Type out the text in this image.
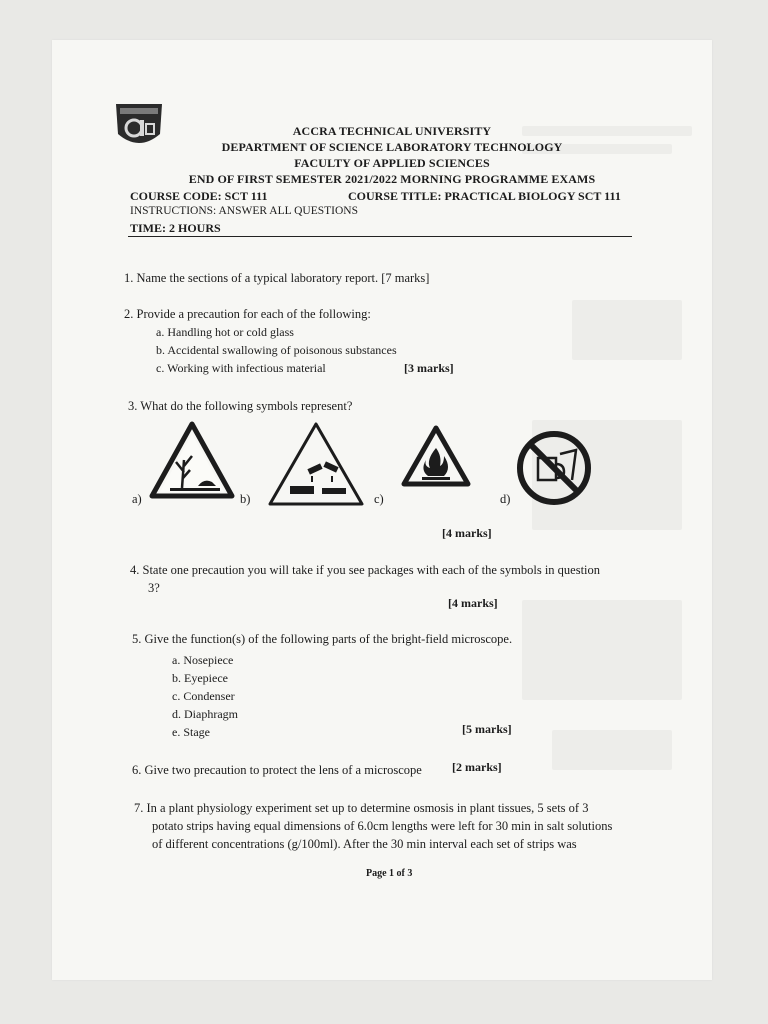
ACCRA TECHNICAL UNIVERSITY
DEPARTMENT OF SCIENCE LABORATORY TECHNOLOGY
FACULTY OF APPLIED SCIENCES
END OF FIRST SEMESTER 2021/2022 MORNING PROGRAMME EXAMS
COURSE CODE: SCT 111	COURSE TITLE: PRACTICAL BIOLOGY SCT 111
INSTRUCTIONS: ANSWER ALL QUESTIONS
TIME: 2 HOURS
1. Name the sections of a typical laboratory report. [7 marks]
2. Provide a precaution for each of the following:
a. Handling hot or cold glass
b. Accidental swallowing of poisonous substances
c. Working with infectious material	[3 marks]
3. What do the following symbols represent?
a)	b)	c)	d)
[4 marks]
4. State one precaution you will take if you see packages with each of the symbols in question
3?
[4 marks]
5. Give the function(s) of the following parts of the bright-field microscope.
a. Nosepiece
b. Eyepiece
c. Condenser
d. Diaphragm
e. Stage	[5 marks]
6. Give two precaution to protect the lens of a microscope	[2 marks]
7. In a plant physiology experiment set up to determine osmosis in plant tissues, 5 sets of 3
potato strips having equal dimensions of 6.0cm lengths were left for 30 min in salt solutions
of different concentrations (g/100ml). After the 30 min interval each set of strips was
Page 1 of 3
